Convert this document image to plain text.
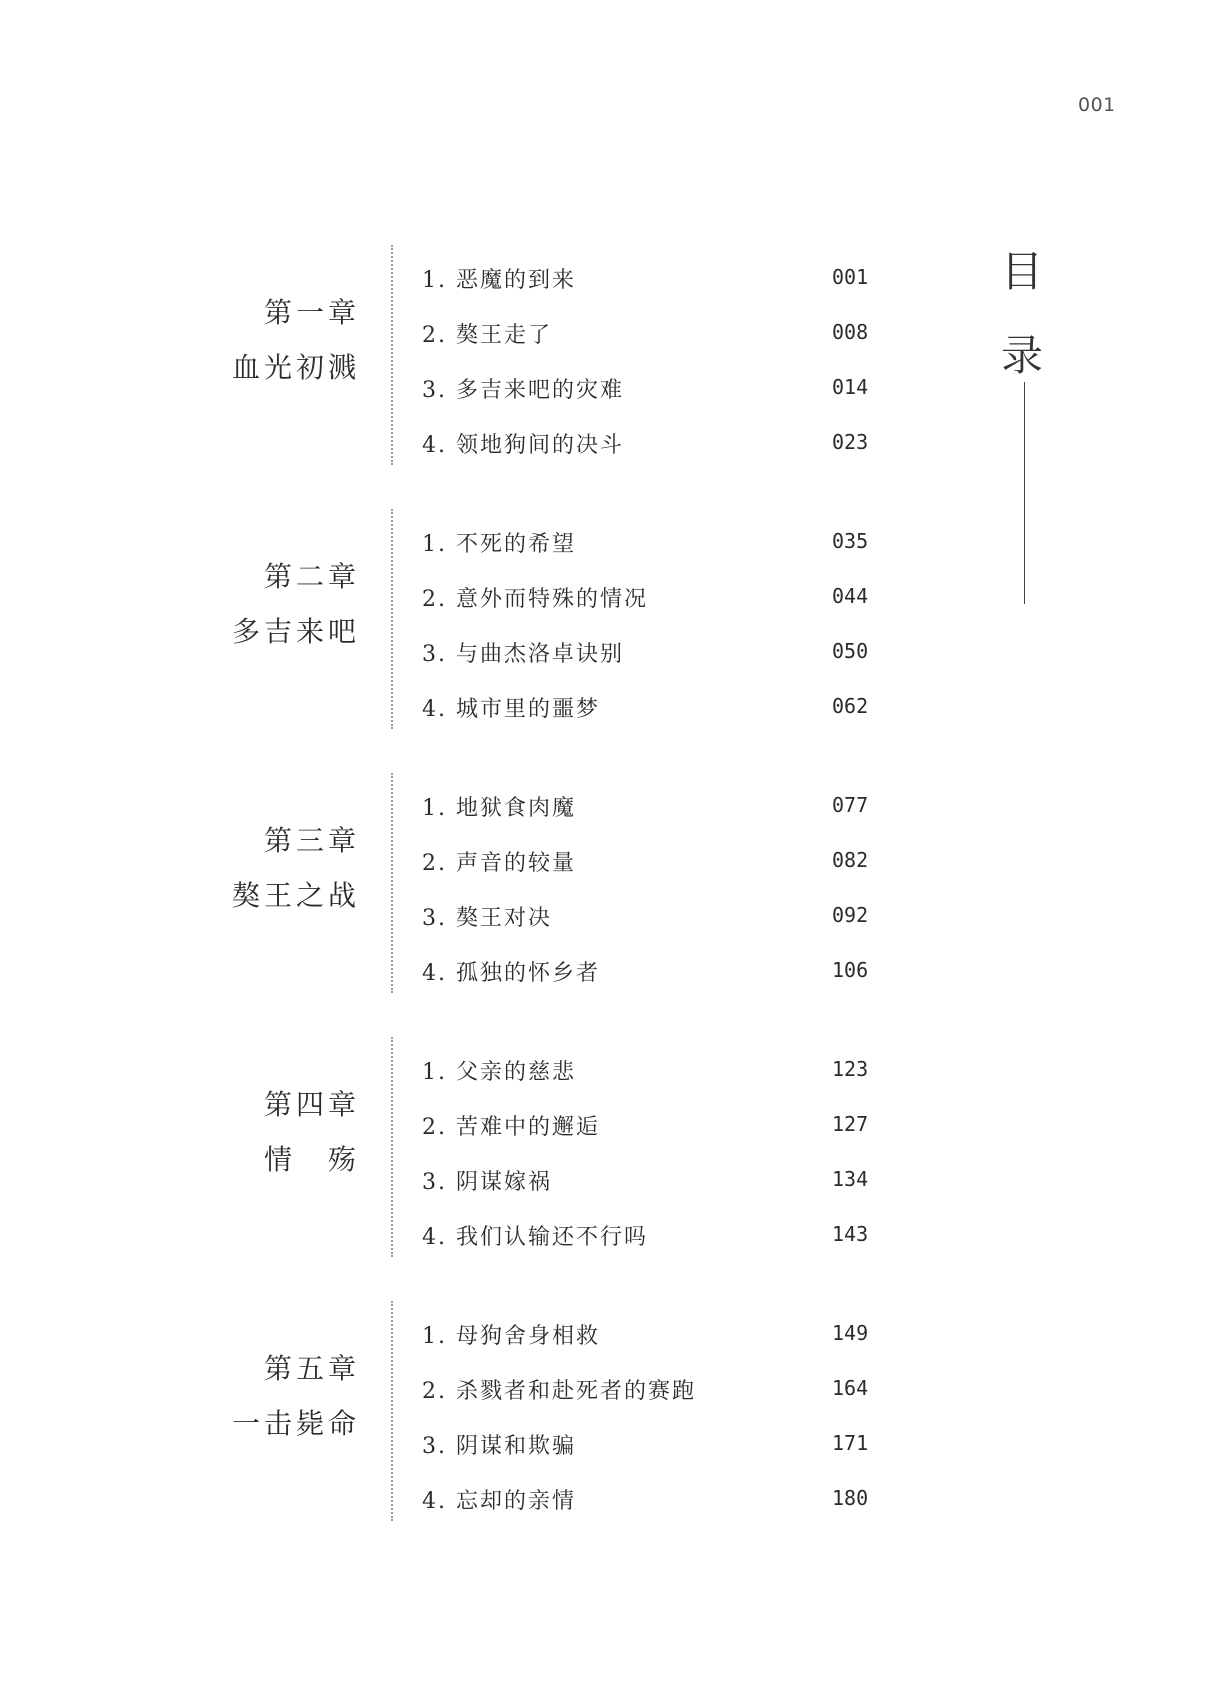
001
目
录
第一章
血光初溅
1. 恶魔的到来	001
2. 獒王走了	008
3. 多吉来吧的灾难	014
4. 领地狗间的决斗	023
第二章
多吉来吧
1. 不死的希望	035
2. 意外而特殊的情况	044
3. 与曲杰洛卓诀别	050
4. 城市里的噩梦	062
第三章
獒王之战
1. 地狱食肉魔	077
2. 声音的较量	082
3. 獒王对决	092
4. 孤独的怀乡者	106
第四章
情　殇
1. 父亲的慈悲	123
2. 苦难中的邂逅	127
3. 阴谋嫁祸	134
4. 我们认输还不行吗	143
第五章
一击毙命
1. 母狗舍身相救	149
2. 杀戮者和赴死者的赛跑	164
3. 阴谋和欺骗	171
4. 忘却的亲情	180
